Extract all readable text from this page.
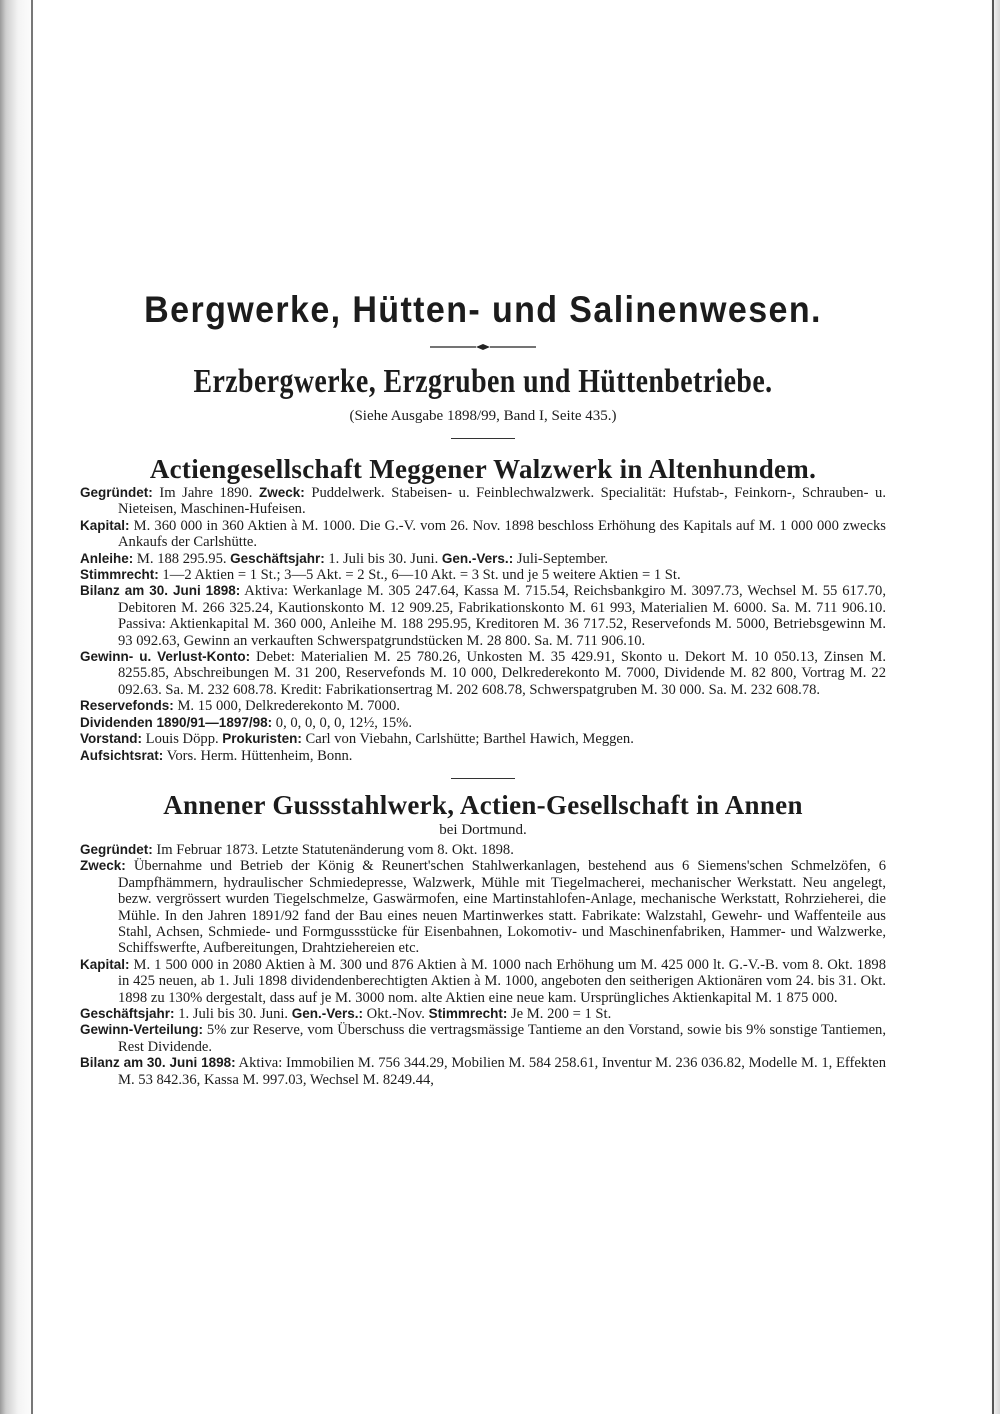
Bergwerke, Hütten- und Salinenwesen.
Erzbergwerke, Erzgruben und Hüttenbetriebe.
(Siehe Ausgabe 1898/99, Band I, Seite 435.)
Actiengesellschaft Meggener Walzwerk in Altenhundem.

Gegründet: Im Jahre 1890. Zweck: Puddelwerk. Stabeisen- u. Feinblechwalzwerk. Specialität: Hufstab-, Feinkorn-, Schrauben- u. Nieteisen, Maschinen-Hufeisen.

Kapital: M. 360 000 in 360 Aktien à M. 1000. Die G.-V. vom 26. Nov. 1898 beschloss Erhöhung des Kapitals auf M. 1 000 000 zwecks Ankaufs der Carlshütte.

Anleihe: M. 188 295.95. Geschäftsjahr: 1. Juli bis 30. Juni. Gen.-Vers.: Juli-September.

Stimmrecht: 1—2 Aktien = 1 St.; 3—5 Akt. = 2 St., 6—10 Akt. = 3 St. und je 5 weitere Aktien = 1 St.

Bilanz am 30. Juni 1898: Aktiva: Werkanlage M. 305 247.64, Kassa M. 715.54, Reichsbankgiro M. 3097.73, Wechsel M. 55 617.70, Debitoren M. 266 325.24, Kautionskonto M. 12 909.25, Fabrikationskonto M. 61 993, Materialien M. 6000. Sa. M. 711 906.10. Passiva: Aktienkapital M. 360 000, Anleihe M. 188 295.95, Kreditoren M. 36 717.52, Reservefonds M. 5000, Betriebsgewinn M. 93 092.63, Gewinn an verkauften Schwerspatgrundstücken M. 28 800. Sa. M. 711 906.10.

Gewinn- u. Verlust-Konto: Debet: Materialien M. 25 780.26, Unkosten M. 35 429.91, Skonto u. Dekort M. 10 050.13, Zinsen M. 8255.85, Abschreibungen M. 31 200, Reservefonds M. 10 000, Delkrederekonto M. 7000, Dividende M. 82 800, Vortrag M. 22 092.63. Sa. M. 232 608.78. Kredit: Fabrikationsertrag M. 202 608.78, Schwerspatgruben M. 30 000. Sa. M. 232 608.78.

Reservefonds: M. 15 000, Delkrederekonto M. 7000.

Dividenden 1890/91—1897/98: 0, 0, 0, 0, 0, 12½, 15%.

Vorstand: Louis Döpp. Prokuristen: Carl von Viebahn, Carlshütte; Barthel Hawich, Meggen.

Aufsichtsrat: Vors. Herm. Hüttenheim, Bonn.

Annener Gussstahlwerk, Actien-Gesellschaft in Annen
bei Dortmund.

Gegründet: Im Februar 1873. Letzte Statutenänderung vom 8. Okt. 1898.

Zweck: Übernahme und Betrieb der König & Reunert'schen Stahlwerkanlagen, bestehend aus 6 Siemens'schen Schmelzöfen, 6 Dampfhämmern, hydraulischer Schmiedepresse, Walzwerk, Mühle mit Tiegelmacherei, mechanischer Werkstatt. Neu angelegt, bezw. vergrössert wurden Tiegelschmelze, Gaswärmofen, eine Martinstahlofen-Anlage, mechanische Werkstatt, Rohrzieherei, die Mühle. In den Jahren 1891/92 fand der Bau eines neuen Martinwerkes statt. Fabrikate: Walzstahl, Gewehr- und Waffenteile aus Stahl, Achsen, Schmiede- und Formgussstücke für Eisenbahnen, Lokomotiv- und Maschinenfabriken, Hammer- und Walzwerke, Schiffswerfte, Aufbereitungen, Drahtziehereien etc.

Kapital: M. 1 500 000 in 2080 Aktien à M. 300 und 876 Aktien à M. 1000 nach Erhöhung um M. 425 000 lt. G.-V.-B. vom 8. Okt. 1898 in 425 neuen, ab 1. Juli 1898 dividendenberechtigten Aktien à M. 1000, angeboten den seitherigen Aktionären vom 24. bis 31. Okt. 1898 zu 130% dergestalt, dass auf je M. 3000 nom. alte Aktien eine neue kam. Ursprüngliches Aktienkapital M. 1 875 000.

Geschäftsjahr: 1. Juli bis 30. Juni. Gen.-Vers.: Okt.-Nov. Stimmrecht: Je M. 200 = 1 St.

Gewinn-Verteilung: 5% zur Reserve, vom Überschuss die vertragsmässige Tantieme an den Vorstand, sowie bis 9% sonstige Tantiemen, Rest Dividende.

Bilanz am 30. Juni 1898: Aktiva: Immobilien M. 756 344.29, Mobilien M. 584 258.61, Inventur M. 236 036.82, Modelle M. 1, Effekten M. 53 842.36, Kassa M. 997.03, Wechsel M. 8249.44,
